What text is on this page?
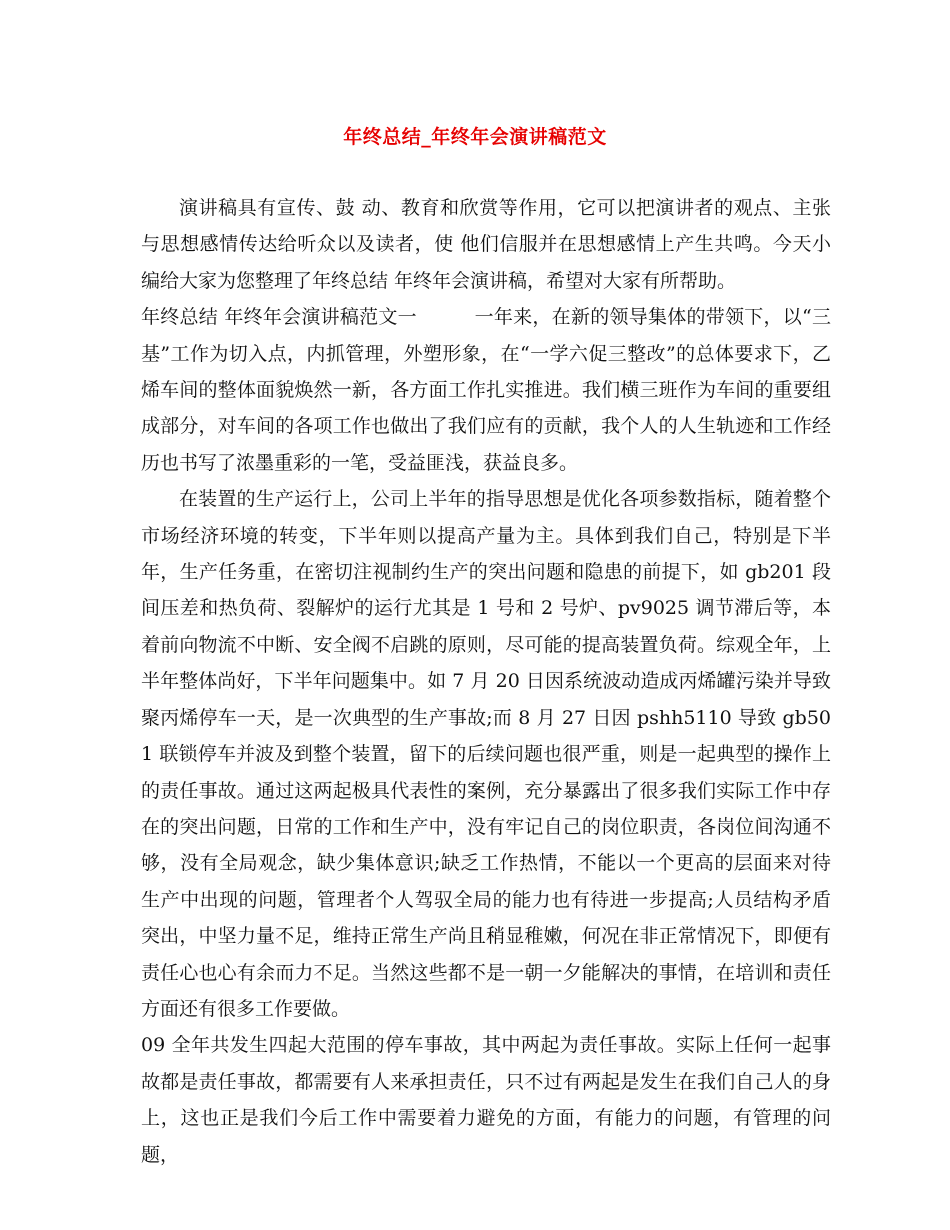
年终总结_年终年会演讲稿范文

演讲稿具有宣传、鼓 动、教育和欣赏等作用，它可以把演讲者的观点、主张与思想感情传达给听众以及读者，使 他们信服并在思想感情上产生共鸣。今天小编给大家为您整理了年终总结 年终年会演讲稿，希望对大家有所帮助。

年终总结 年终年会演讲稿范文一　　　一年来，在新的领导集体的带领下，以“三基”工作为切入点，内抓管理，外塑形象，在“一学六促三整改”的总体要求下，乙烯车间的整体面貌焕然一新，各方面工作扎实推进。我们横三班作为车间的重要组成部分，对车间的各项工作也做出了我们应有的贡献，我个人的人生轨迹和工作经历也书写了浓墨重彩的一笔，受益匪浅，获益良多。

在装置的生产运行上，公司上半年的指导思想是优化各项参数指标，随着整个市场经济环境的转变，下半年则以提高产量为主。具体到我们自己，特别是下半年，生产任务重，在密切注视制约生产的突出问题和隐患的前提下，如 gb201 段间压差和热负荷、裂解炉的运行尤其是 1 号和 2 号炉、pv9025 调节滞后等，本着前向物流不中断、安全阀不启跳的原则，尽可能的提高装置负荷。综观全年，上半年整体尚好，下半年问题集中。如 7 月 20 日因系统波动造成丙烯罐污染并导致聚丙烯停车一天，是一次典型的生产事故;而 8 月 27 日因 pshh5110 导致 gb501 联锁停车并波及到整个装置，留下的后续问题也很严重，则是一起典型的操作上的责任事故。通过这两起极具代表性的案例，充分暴露出了很多我们实际工作中存在的突出问题，日常的工作和生产中，没有牢记自己的岗位职责，各岗位间沟通不够，没有全局观念，缺少集体意识;缺乏工作热情，不能以一个更高的层面来对待生产中出现的问题，管理者个人驾驭全局的能力也有待进一步提高;人员结构矛盾突出，中坚力量不足，维持正常生产尚且稍显稚嫩，何况在非正常情况下，即便有责任心也心有余而力不足。当然这些都不是一朝一夕能解决的事情，在培训和责任方面还有很多工作要做。

09 全年共发生四起大范围的停车事故，其中两起为责任事故。实际上任何一起事故都是责任事故，都需要有人来承担责任，只不过有两起是发生在我们自己人的身上，这也正是我们今后工作中需要着力避免的方面，有能力的问题，有管理的问题，
